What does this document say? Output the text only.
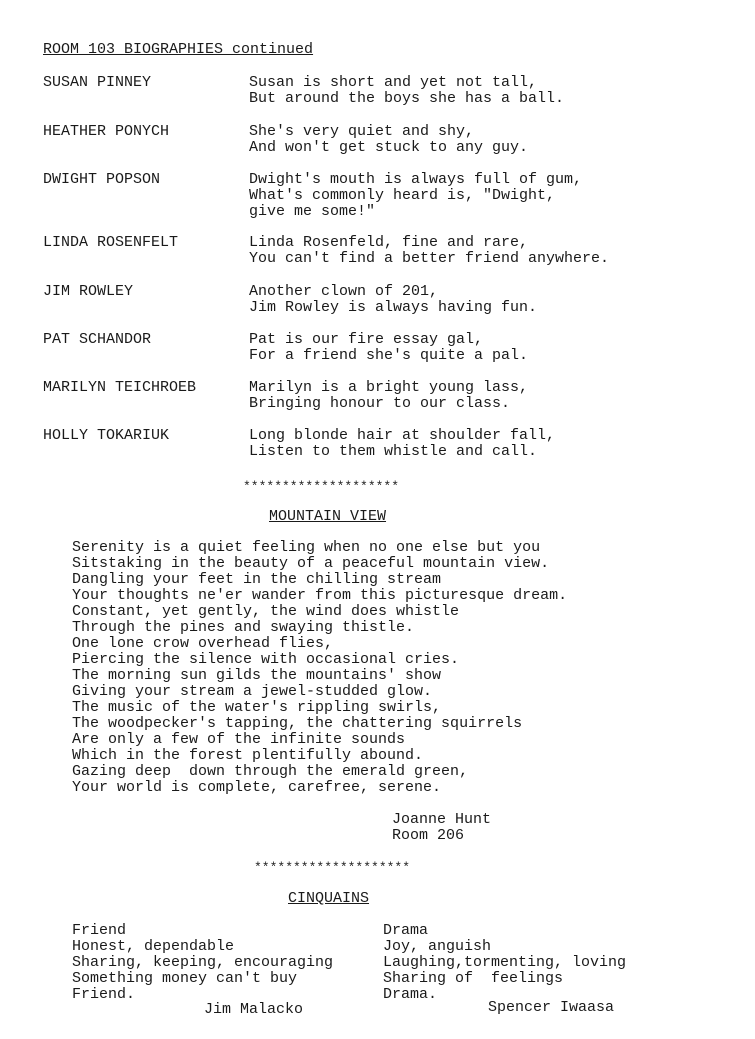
ROOM 103 BIOGRAPHIES continued
SUSAN PINNEY	Susan is short and yet not tall,
But around the boys she has a ball.
HEATHER PONYCH	She's very quiet and shy,
And won't get stuck to any guy.
DWIGHT POPSON	Dwight's mouth is always full of gum,
What's commonly heard is, "Dwight,
give me some!"
LINDA ROSENFELT	Linda Rosenfeld, fine and rare,
You can't find a better friend anywhere.
JIM ROWLEY	Another clown of 201,
Jim Rowley is always having fun.
PAT SCHANDOR	Pat is our fire essay gal,
For a friend she's quite a pal.
MARILYN TEICHROEB	Marilyn is a bright young lass,
Bringing honour to our class.
HOLLY TOKARIUK	Long blonde hair at shoulder fall,
Listen to them whistle and call.
********************
MOUNTAIN VIEW
Serenity is a quiet feeling when no one else but you
Sitstaking in the beauty of a peaceful mountain view.
Dangling your feet in the chilling stream
Your thoughts ne'er wander from this picturesque dream.
Constant, yet gently, the wind does whistle
Through the pines and swaying thistle.
One lone crow overhead flies,
Piercing the silence with occasional cries.
The morning sun gilds the mountains' show
Giving your stream a jewel-studded glow.
The music of the water's rippling swirls,
The woodpecker's tapping, the chattering squirrels
Are only a few of the infinite sounds
Which in the forest plentifully abound.
Gazing deep  down through the emerald green,
Your world is complete, carefree, serene.
Joanne Hunt
Room 206
********************
CINQUAINS
Friend
Honest, dependable
Sharing, keeping, encouraging
Something money can't buy
Friend.
Jim Malacko
Drama
Joy, anguish
Laughing,tormenting, loving
Sharing of  feelings
Drama.
Spencer Iwaasa
